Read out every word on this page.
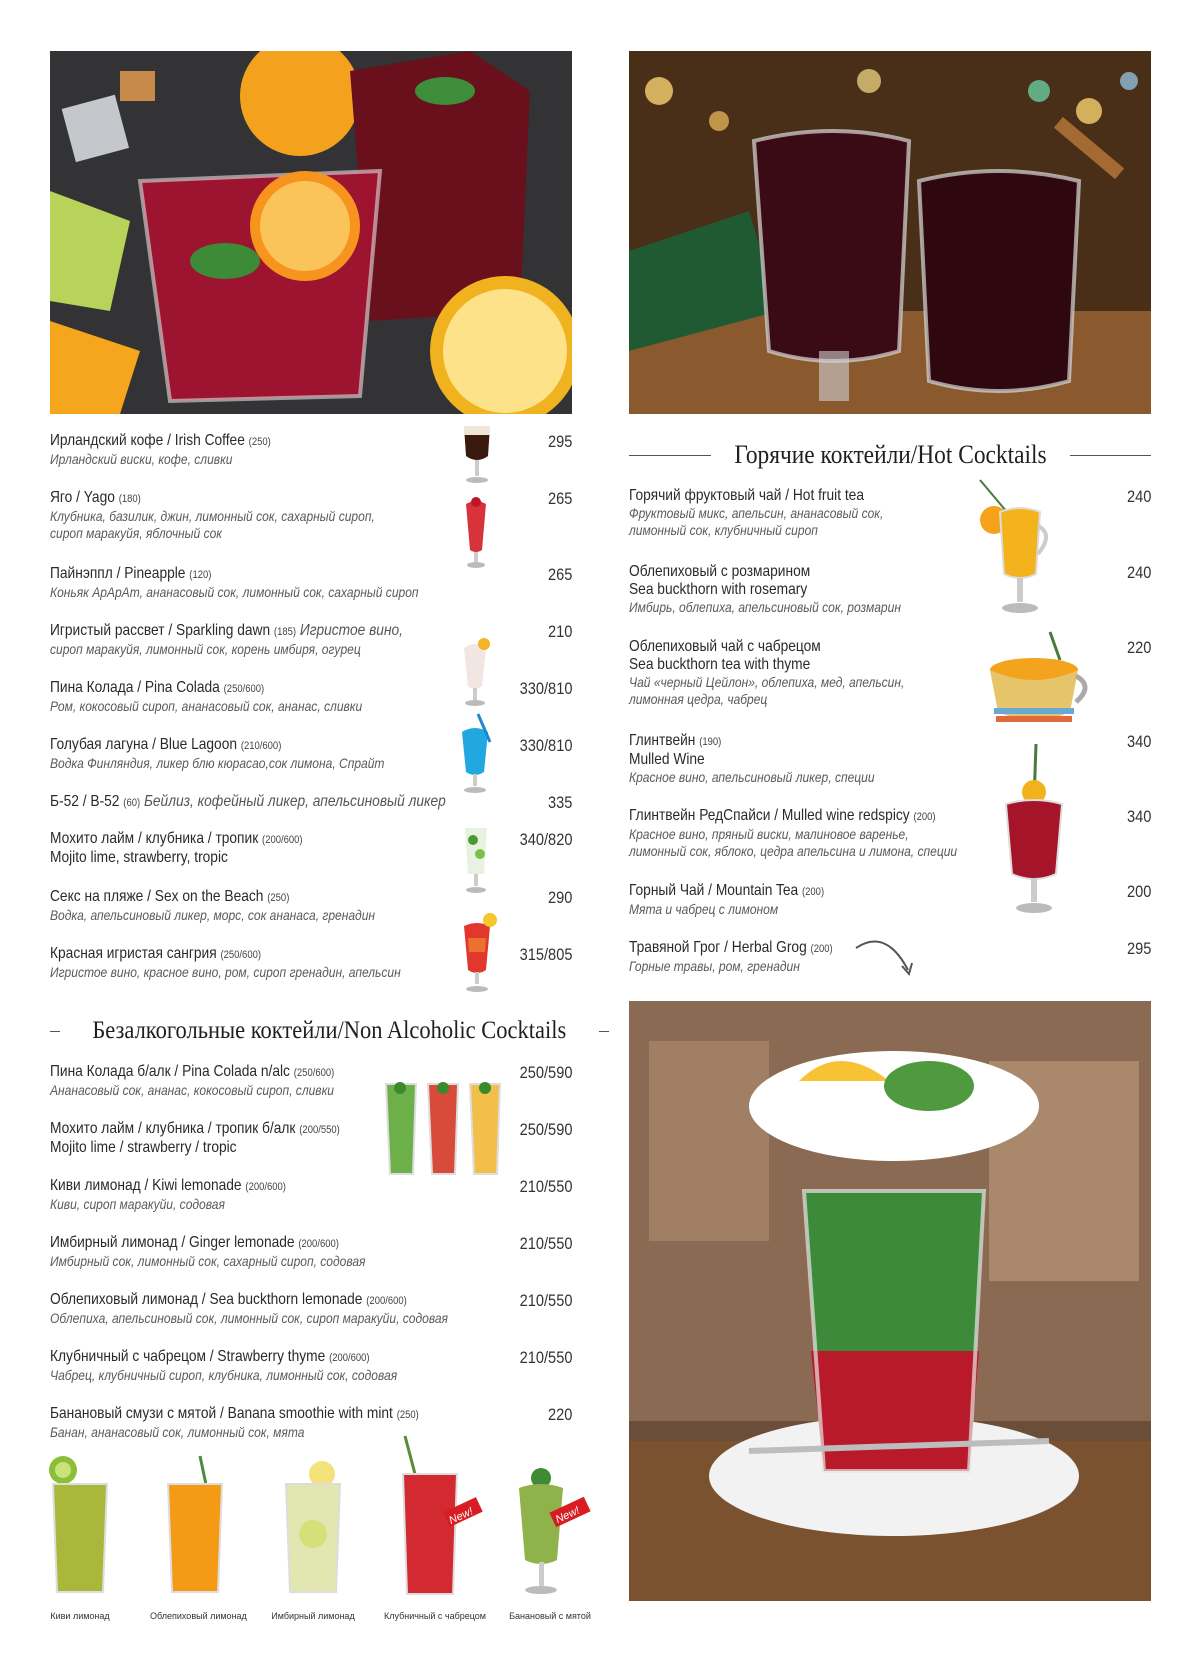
Ирландский кофе / Irish Coffee (250)
Ирландский виски, кофе, сливки
295
Яго / Yago (180)
Клубника, базилик, джин, лимонный сок, сахарный сироп,
сироп маракуйя, яблочный сок
265
Пайнэппл / Pineapple (120)
Коньяк АрАрАт, ананасовый сок, лимонный сок, сахарный сироп
265
Игристый рассвет / Sparkling dawn (185) Игристое вино,
сироп маракуйя, лимонный сок, корень имбиря, огурец
210
Пина Колада / Pina Colada (250/600)
Ром, кокосовый сироп, ананасовый сок, ананас, сливки
330/810
Голубая лагуна / Blue Lagoon (210/600)
Водка Финляндия, ликер блю кюрасао,сок лимона, Спрайт
330/810
Б-52 / B-52 (60) Бейлиз, кофейный ликер, апельсиновый ликер	335
Мохито лайм / клубника / тропик (200/600)
Mojito lime, strawberry, tropic
340/820
Секс на пляже / Sex on the Beach (250)
Водка, апельсиновый ликер, морс, сок ананаса, гренадин
290
Красная игристая сангрия (250/600)
Игристое вино, красное вино, ром, сироп гренадин, апельсин
315/805
Безалкогольные коктейли/Non Alcoholic Cocktails
Пина Колада б/алк / Pina Colada n/alc (250/600)
Ананасовый сок, ананас, кокосовый сироп, сливки
250/590
Мохито лайм / клубника / тропик б/алк (200/550)
Mojito lime / strawberry / tropic
250/590
Киви лимонад / Kiwi lemonade (200/600)
Киви, сироп маракуйи, содовая
210/550
Имбирный лимонад / Ginger lemonade (200/600)
Имбирный сок, лимонный сок, сахарный сироп, содовая
210/550
Облепиховый лимонад / Sea buckthorn lemonade (200/600)
Облепиха, апельсиновый сок, лимонный сок, сироп маракуйи, содовая
210/550
Клубничный с чабрецом / Strawberry thyme (200/600)
Чабрец, клубничный сироп, клубника, лимонный сок, содовая
210/550
Банановый смузи с мятой / Banana smoothie with mint (250)
Банан, ананасовый сок, лимонный сок, мята
220
Киви лимонад	Облепиховый лимонад	Имбирный лимонад
New!
Клубничный с чабрецом
New!
Банановый с мятой
Горячие коктейли/Hot Cocktails
Горячий фруктовый чай / Hot fruit tea
Фруктовый микс, апельсин, ананасовый сок,
лимонный сок, клубничный сироп
240
Облепиховый с розмарином
Sea buckthorn with rosemary
Имбирь, облепиха, апельсиновый сок, розмарин
240
Облепиховый чай с чабрецом
Sea buckthorn tea with thyme
Чай «черный Цейлон», облепиха, мед, апельсин,
лимонная цедра, чабрец
220
Глинтвейн (190)
Mulled Wine
Красное вино, апельсиновый ликер, специи
340
Глинтвейн РедСпайси / Mulled wine redspicy (200)
Красное вино, пряный виски, малиновое варенье,
лимонный сок, яблоко, цедра апельсина и лимона, специи
340
Горный Чай / Mountain Tea (200)
Мята и чабрец с лимоном
200
Травяной Грог / Herbal Grog (200)
Горные травы, ром, гренадин
295
